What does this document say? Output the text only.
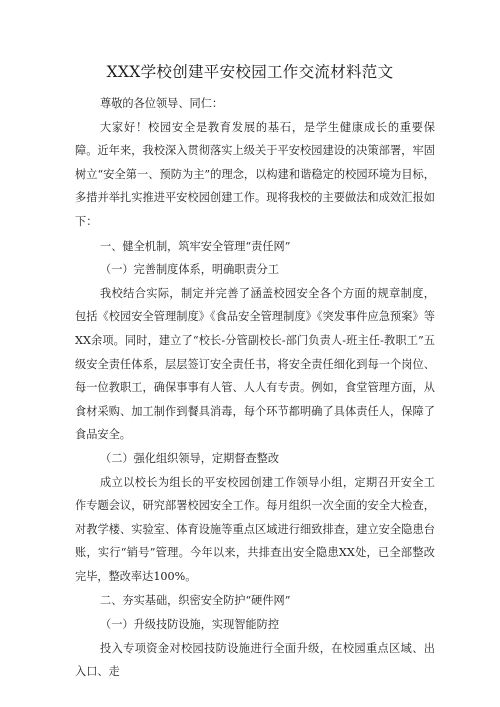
XXX学校创建平安校园工作交流材料范文

尊敬的各位领导、同仁：

大家好！校园安全是教育发展的基石，是学生健康成长的重要保障。近年来，我校深入贯彻落实上级关于平安校园建设的决策部署，牢固树立“安全第一、预防为主”的理念，以构建和谐稳定的校园环境为目标，多措并举扎实推进平安校园创建工作。现将我校的主要做法和成效汇报如下：

一、健全机制，筑牢安全管理“责任网”

（一）完善制度体系，明确职责分工

我校结合实际，制定并完善了涵盖校园安全各个方面的规章制度，包括《校园安全管理制度》《食品安全管理制度》《突发事件应急预案》等XX余项。同时，建立了“校长-分管副校长-部门负责人-班主任-教职工”五级安全责任体系，层层签订安全责任书，将安全责任细化到每一个岗位、每一位教职工，确保事事有人管、人人有专责。例如，食堂管理方面，从食材采购、加工制作到餐具消毒，每个环节都明确了具体责任人，保障了食品安全。

（二）强化组织领导，定期督查整改

成立以校长为组长的平安校园创建工作领导小组，定期召开安全工作专题会议，研究部署校园安全工作。每月组织一次全面的安全大检查，对教学楼、实验室、体育设施等重点区域进行细致排查，建立安全隐患台账，实行“销号”管理。今年以来，共排查出安全隐患XX处，已全部整改完毕，整改率达100%。

二、夯实基础，织密安全防护“硬件网”

（一）升级技防设施，实现智能防控

投入专项资金对校园技防设施进行全面升级，在校园重点区域、出入口、走
